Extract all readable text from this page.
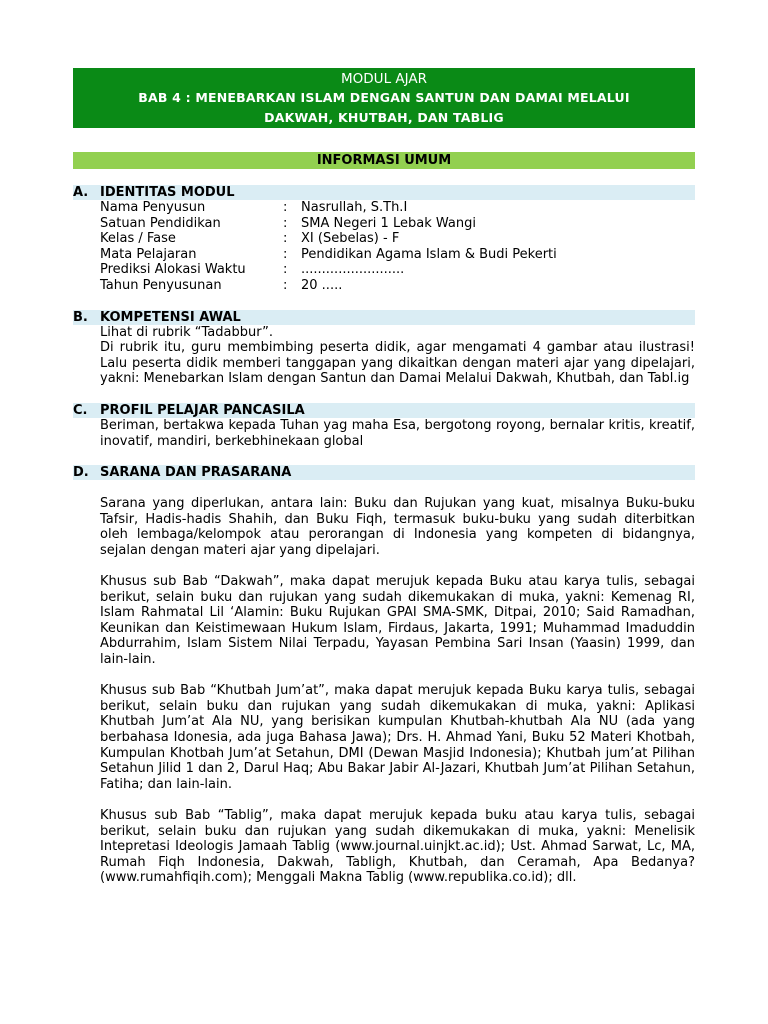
MODUL AJAR
BAB 4 : MENEBARKAN ISLAM DENGAN SANTUN DAN DAMAI MELALUI
DAKWAH, KHUTBAH, DAN TABLIG
INFORMASI UMUM
A. IDENTITAS MODUL
Nama Penyusun	:	Nasrullah, S.Th.I
Satuan Pendidikan	:	SMA Negeri 1 Lebak Wangi
Kelas / Fase	:	XI (Sebelas) - F
Mata Pelajaran	:	Pendidikan Agama Islam & Budi Pekerti
Prediksi Alokasi Waktu	:	.........................
Tahun Penyusunan	:	20 .....
B. KOMPETENSI AWAL

Lihat di rubrik “Tadabbur”.

Di rubrik itu, guru membimbing peserta didik, agar mengamati 4 gambar atau ilustrasi! Lalu peserta didik memberi tanggapan yang dikaitkan dengan materi ajar yang dipelajari, yakni: Menebarkan Islam dengan Santun dan Damai Melalui Dakwah, Khutbah, dan Tabl.ig

C. PROFIL PELAJAR PANCASILA

Beriman, bertakwa kepada Tuhan yag maha Esa, bergotong royong, bernalar kritis, kreatif, inovatif, mandiri, berkebhinekaan global

D. SARANA DAN PRASARANA

Sarana yang diperlukan, antara lain: Buku dan Rujukan yang kuat, misalnya Buku-buku Tafsir, Hadis-hadis Shahih, dan Buku Fiqh, termasuk buku-buku yang sudah diterbitkan oleh lembaga/kelompok atau perorangan di Indonesia yang kompeten di bidangnya, sejalan dengan materi ajar yang dipelajari.

Khusus sub Bab “Dakwah”, maka dapat merujuk kepada Buku atau karya tulis, sebagai berikut, selain buku dan rujukan yang sudah dikemukakan di muka, yakni: Kemenag RI, Islam Rahmatal Lil ‘Alamin: Buku Rujukan GPAI SMA-SMK, Ditpai, 2010; Said Ramadhan, Keunikan dan Keistimewaan Hukum Islam, Firdaus, Jakarta, 1991; Muhammad Imaduddin Abdurrahim, Islam Sistem Nilai Terpadu, Yayasan Pembina Sari Insan (Yaasin) 1999, dan lain-lain.

Khusus sub Bab “Khutbah Jum’at”, maka dapat merujuk kepada Buku karya tulis, sebagai berikut, selain buku dan rujukan yang sudah dikemukakan di muka, yakni: Aplikasi Khutbah Jum’at Ala NU, yang berisikan kumpulan Khutbah-khutbah Ala NU (ada yang berbahasa Idonesia, ada juga Bahasa Jawa); Drs. H. Ahmad Yani, Buku 52 Materi Khotbah, Kumpulan Khotbah Jum’at Setahun, DMI (Dewan Masjid Indonesia); Khutbah jum’at Pilihan Setahun Jilid 1 dan 2, Darul Haq; Abu Bakar Jabir Al-Jazari, Khutbah Jum’at Pilihan Setahun, Fatiha; dan lain-lain.

Khusus sub Bab “Tablig”, maka dapat merujuk kepada buku atau karya tulis, sebagai berikut, selain buku dan rujukan yang sudah dikemukakan di muka, yakni: Menelisik Intepretasi Ideologis Jamaah Tablig (www.journal.uinjkt.ac.id); Ust. Ahmad Sarwat, Lc, MA, Rumah Fiqh Indonesia, Dakwah, Tabligh, Khutbah, dan Ceramah, Apa Bedanya? (www.rumahfiqih.com); Menggali Makna Tablig (www.republika.co.id); dll.
